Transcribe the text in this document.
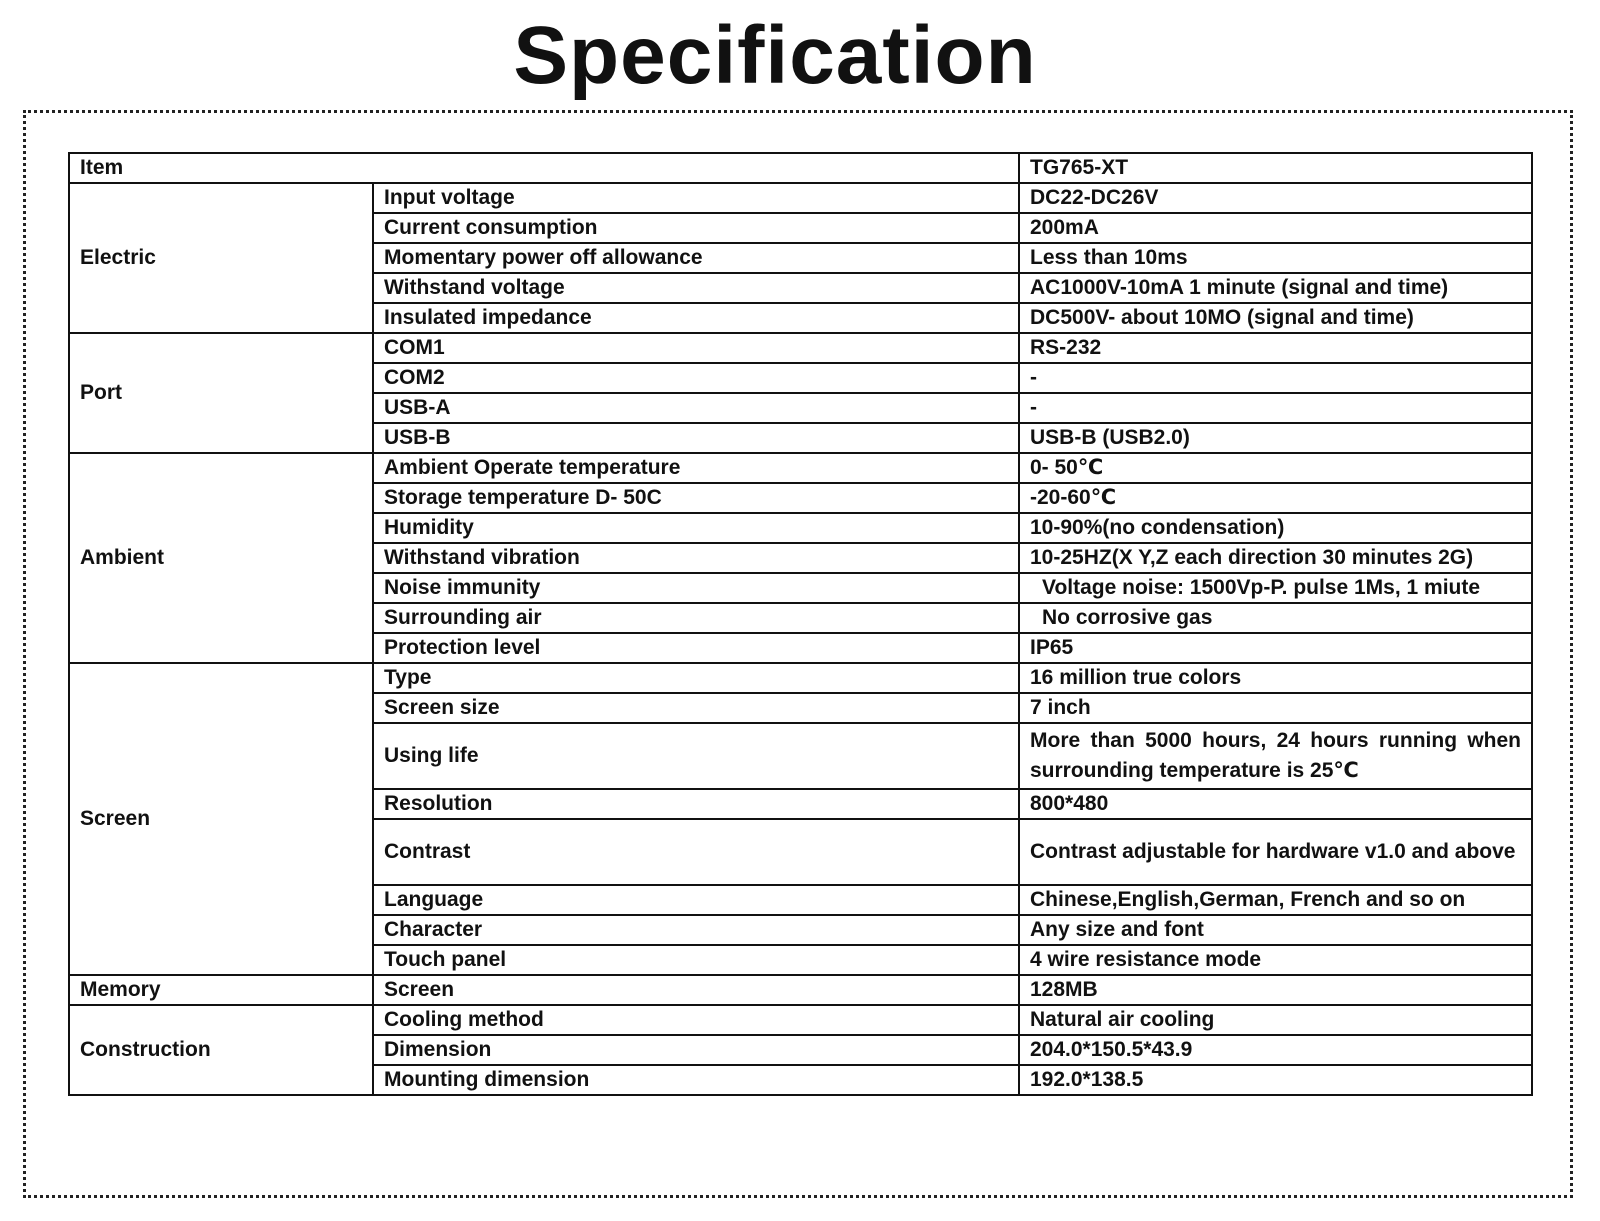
Specification
Item		TG765-XT
Electric	Input voltage	DC22-DC26V
	Current consumption	200mA
	Momentary power off allowance	Less than 10ms
	Withstand voltage	AC1000V-10mA 1 minute (signal and time)
	Insulated impedance	DC500V- about 10MO (signal and time)
Port	COM1	RS-232
	COM2	-
	USB-A	-
	USB-B	USB-B (USB2.0)
Ambient	Ambient Operate temperature	0- 50℃
	Storage temperature D- 50C	-20-60℃
	Humidity	10-90%(no condensation)
	Withstand vibration	10-25HZ(X Y,Z each direction 30 minutes 2G)
	Noise immunity	Voltage noise: 1500Vp-P. pulse 1Ms, 1 miute
	Surrounding air	No corrosive gas
	Protection level	IP65
Screen	Type	16 million true colors
	Screen size	7 inch
	Using life	More than 5000 hours, 24 hours running when surrounding temperature is 25℃
	Resolution	800*480
	Contrast	Contrast adjustable for hardware v1.0 and above
	Language	Chinese,English,German, French and so on
	Character	Any size and font
	Touch panel	4 wire resistance mode
Memory	Screen	128MB
Construction	Cooling method	Natural air cooling
	Dimension	204.0*150.5*43.9
	Mounting dimension	192.0*138.5
